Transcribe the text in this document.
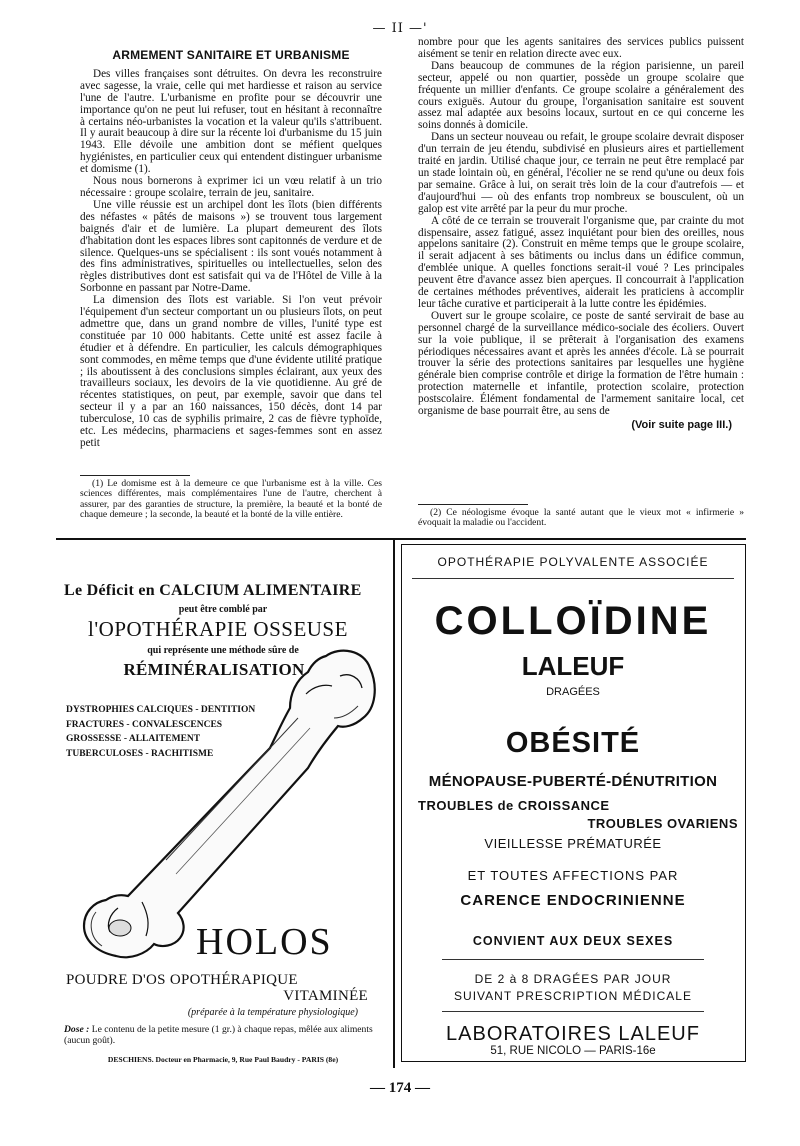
— II —'
ARMEMENT SANITAIRE ET URBANISME

Des villes françaises sont détruites. On devra les reconstruire avec sagesse, la vraie, celle qui met hardiesse et raison au service l'une de l'autre. L'urbanisme en profite pour se découvrir une importance qu'on ne peut lui refuser, tout en hésitant à reconnaître à certains néo-urbanistes la vocation et la valeur qu'ils s'attribuent. Il y aurait beaucoup à dire sur la récente loi d'urbanisme du 15 juin 1943. Elle dévoile une ambition dont se méfient quelques hygiénistes, en particulier ceux qui entendent distinguer urbanisme et domisme (1).

Nous nous bornerons à exprimer ici un vœu relatif à un trio nécessaire : groupe scolaire, terrain de jeu, sanitaire.

Une ville réussie est un archipel dont les îlots (bien différents des néfastes « pâtés de maisons ») se trouvent tous largement baignés d'air et de lumière. La plupart demeurent des îlots d'habitation dont les espaces libres sont capitonnés de verdure et de silence. Quelques-uns se spécialisent : ils sont voués notamment à des fins administratives, spirituelles ou intellectuelles, selon des règles distributives dont est satisfait qui va de l'Hôtel de Ville à la Sorbonne en passant par Notre-Dame.

La dimension des îlots est variable. Si l'on veut prévoir l'équipement d'un secteur comportant un ou plusieurs îlots, on peut admettre que, dans un grand nombre de villes, l'unité type est constituée par 10 000 habitants. Cette unité est assez facile à étudier et à défendre. En particulier, les calculs démographiques sont commodes, en même temps que d'une évidente utilité pratique ; ils aboutissent à des conclusions simples éclairant, aux yeux des travailleurs sociaux, les devoirs de la vie quotidienne. Au gré de récentes statistiques, on peut, par exemple, savoir que dans tel secteur il y a par an 160 naissances, 150 décès, dont 14 par tuberculose, 10 cas de syphilis primaire, 2 cas de fièvre typhoïde, etc. Les médecins, pharmaciens et sages-femmes sont en assez petit

(1) Le domisme est à la demeure ce que l'urbanisme est à la ville. Ces sciences différentes, mais complémentaires l'une de l'autre, cherchent à assurer, par des garanties de structure, la première, la beauté et la bonté de chaque demeure ; la seconde, la beauté et la bonté de la ville entière.

nombre pour que les agents sanitaires des services publics puissent aisément se tenir en relation directe avec eux.

Dans beaucoup de communes de la région parisienne, un pareil secteur, appelé ou non quartier, possède un groupe scolaire que fréquente un millier d'enfants. Ce groupe scolaire a généralement des cours exiguës. Autour du groupe, l'organisation sanitaire est souvent assez mal adaptée aux besoins locaux, surtout en ce qui concerne les soins donnés à domicile.

Dans un secteur nouveau ou refait, le groupe scolaire devrait disposer d'un terrain de jeu étendu, subdivisé en plusieurs aires et partiellement traité en jardin. Utilisé chaque jour, ce terrain ne peut être remplacé par un stade lointain où, en général, l'écolier ne se rend qu'une ou deux fois par semaine. Grâce à lui, on serait très loin de la cour d'autrefois — et d'aujourd'hui — où des enfants trop nombreux se bousculent, où un galop est vite arrêté par la peur du mur proche.

A côté de ce terrain se trouverait l'organisme que, par crainte du mot dispensaire, assez fatigué, assez inquiétant pour bien des oreilles, nous appelons sanitaire (2). Construit en même temps que le groupe scolaire, il serait adjacent à ses bâtiments ou inclus dans un édifice commun, d'emblée unique. A quelles fonctions serait-il voué ? Les principales peuvent être d'avance assez bien aperçues. Il concourrait à l'application de certaines méthodes préventives, aiderait les praticiens à accomplir leur tâche curative et participerait à la lutte contre les épidémies.

Ouvert sur le groupe scolaire, ce poste de santé servirait de base au personnel chargé de la surveillance médico-sociale des écoliers. Ouvert sur la voie publique, il se prêterait à l'organisation des examens périodiques nécessaires avant et après les années d'école. Là se pourrait trouver la série des protections sanitaires par lesquelles une hygiène générale bien comprise contrôle et dirige la formation de l'être humain : protection maternelle et infantile, protection scolaire, protection postscolaire. Élément fondamental de l'armement sanitaire local, cet organisme de base pourrait être, au sens de

(Voir suite page III.)

(2) Ce néologisme évoque la santé autant que le vieux mot « infirmerie » évoquait la maladie ou l'accident.

Le Déficit en CALCIUM ALIMENTAIRE
peut être comblé par
l'OPOTHÉRAPIE OSSEUSE
qui représente une méthode sûre de
RÉMINÉRALISATION
DYSTROPHIES CALCIQUES - DENTITION
FRACTURES - CONVALESCENCES
GROSSESSE - ALLAITEMENT
TUBERCULOSES - RACHITISME
HOLOS
POUDRE D'OS OPOTHÉRAPIQUE
VITAMINÉE
(préparée à la température physiologique)
Dose : Le contenu de la petite mesure (1 gr.) à chaque repas, mêlée aux aliments (aucun goût).
DESCHIENS. Docteur en Pharmacie, 9, Rue Paul Baudry - PARIS (8e)
OPOTHÉRAPIE POLYVALENTE ASSOCIÉE
COLLOÏDINE
LALEUF
DRAGÉES
OBÉSITÉ
MÉNOPAUSE-PUBERTÉ-DÉNUTRITION
TROUBLES de CROISSANCE
TROUBLES OVARIENS
VIEILLESSE PRÉMATURÉE
ET TOUTES AFFECTIONS PAR
CARENCE ENDOCRINIENNE
CONVIENT AUX DEUX SEXES
DE 2 à 8 DRAGÉES PAR JOUR
SUIVANT PRESCRIPTION MÉDICALE
LABORATOIRES LALEUF
51, RUE NICOLO — PARIS-16e
— 174 —
